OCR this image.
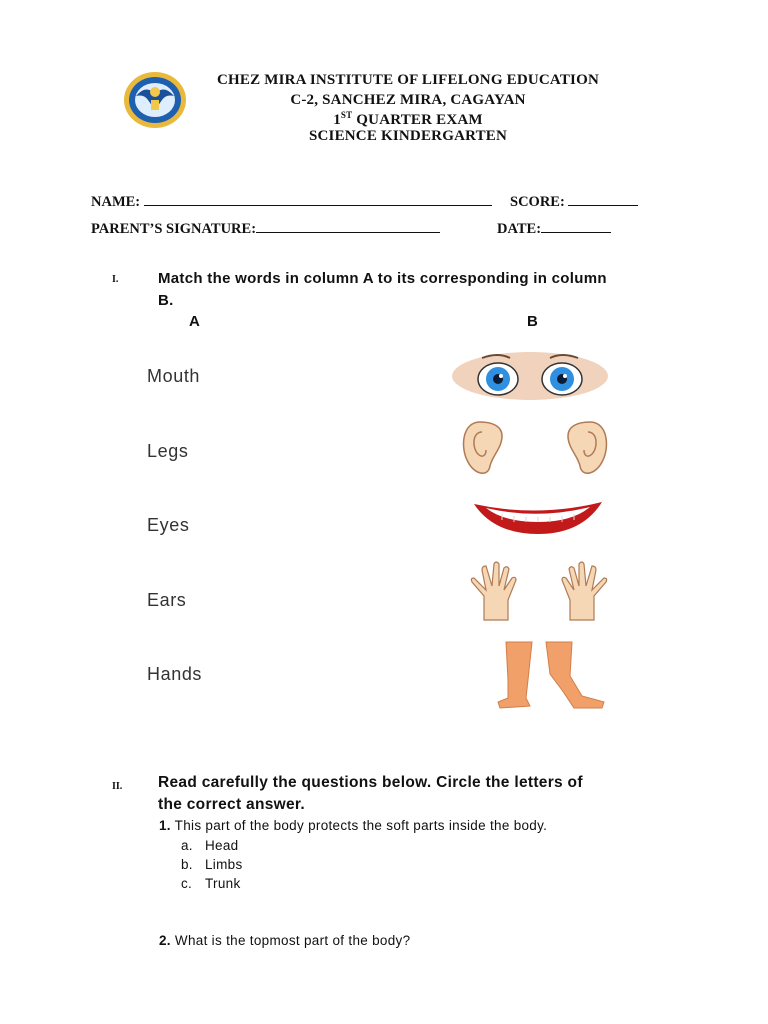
CHEZ MIRA INSTITUTE OF LIFELONG EDUCATION
C-2, SANCHEZ MIRA, CAGAYAN
1ST QUARTER EXAM
SCIENCE KINDERGARTEN
NAME:	SCORE:
PARENT’S SIGNATURE:	DATE:
I.	Match the words in column A to its corresponding in column
B.
A	B
Mouth
Legs
Eyes
Ears
Hands
II. Read carefully the questions below. Circle the letters of
the correct answer.
1. This part of the body protects the soft parts inside the body.
a. Head
b. Limbs
c. Trunk
2. What is the topmost part of the body?
